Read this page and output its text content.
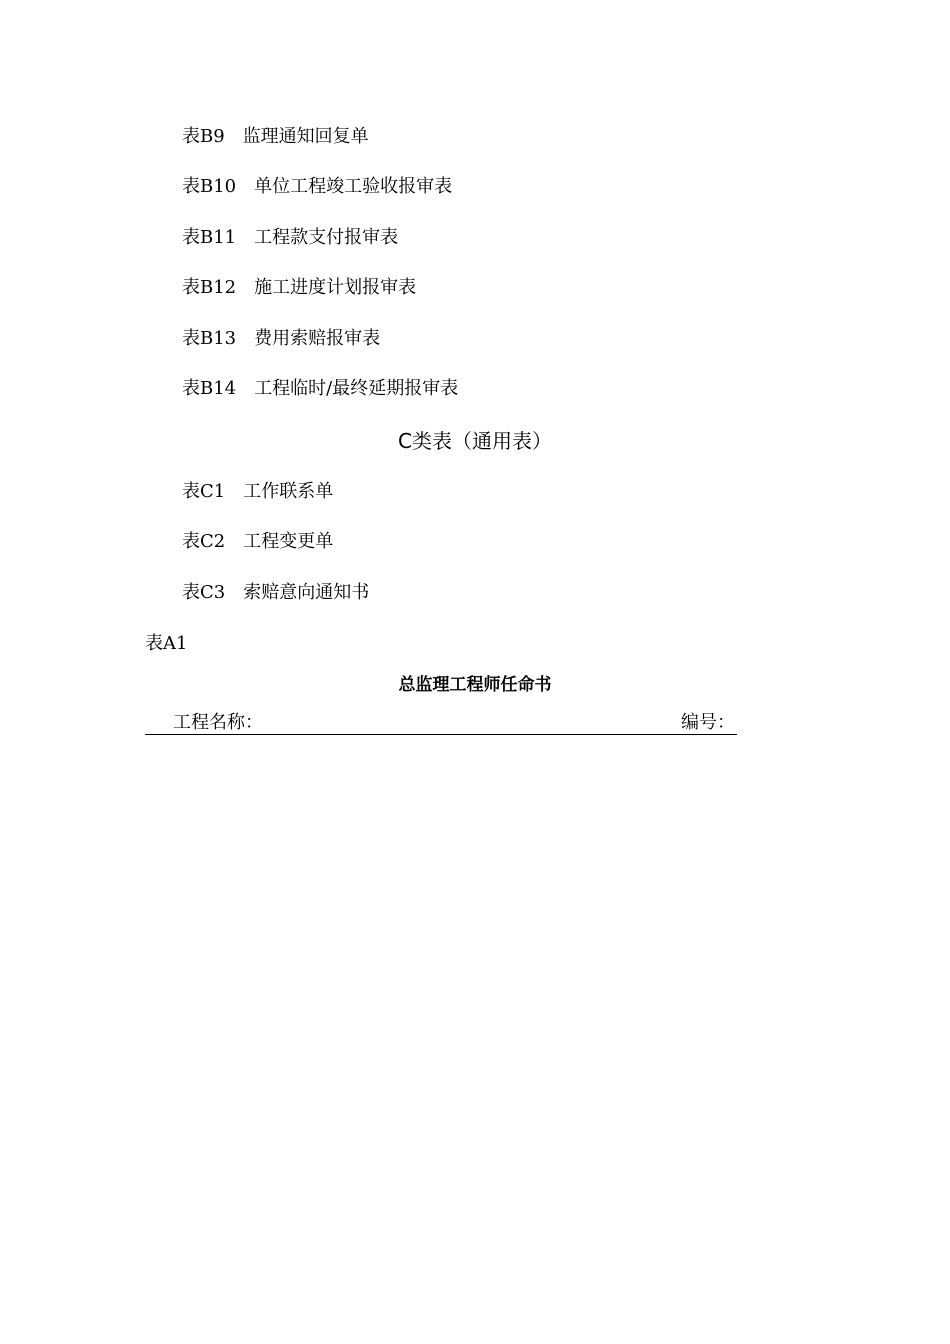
表B9 监理通知回复单
表B10 单位工程竣工验收报审表
表B11 工程款支付报审表
表B12 施工进度计划报审表
表B13 费用索赔报审表
表B14 工程临时/最终延期报审表
C类表（通用表）
表C1 工作联系单
表C2 工程变更单
表C3 索赔意向通知书
表A1
总监理工程师任命书
工程名称：	编号：
